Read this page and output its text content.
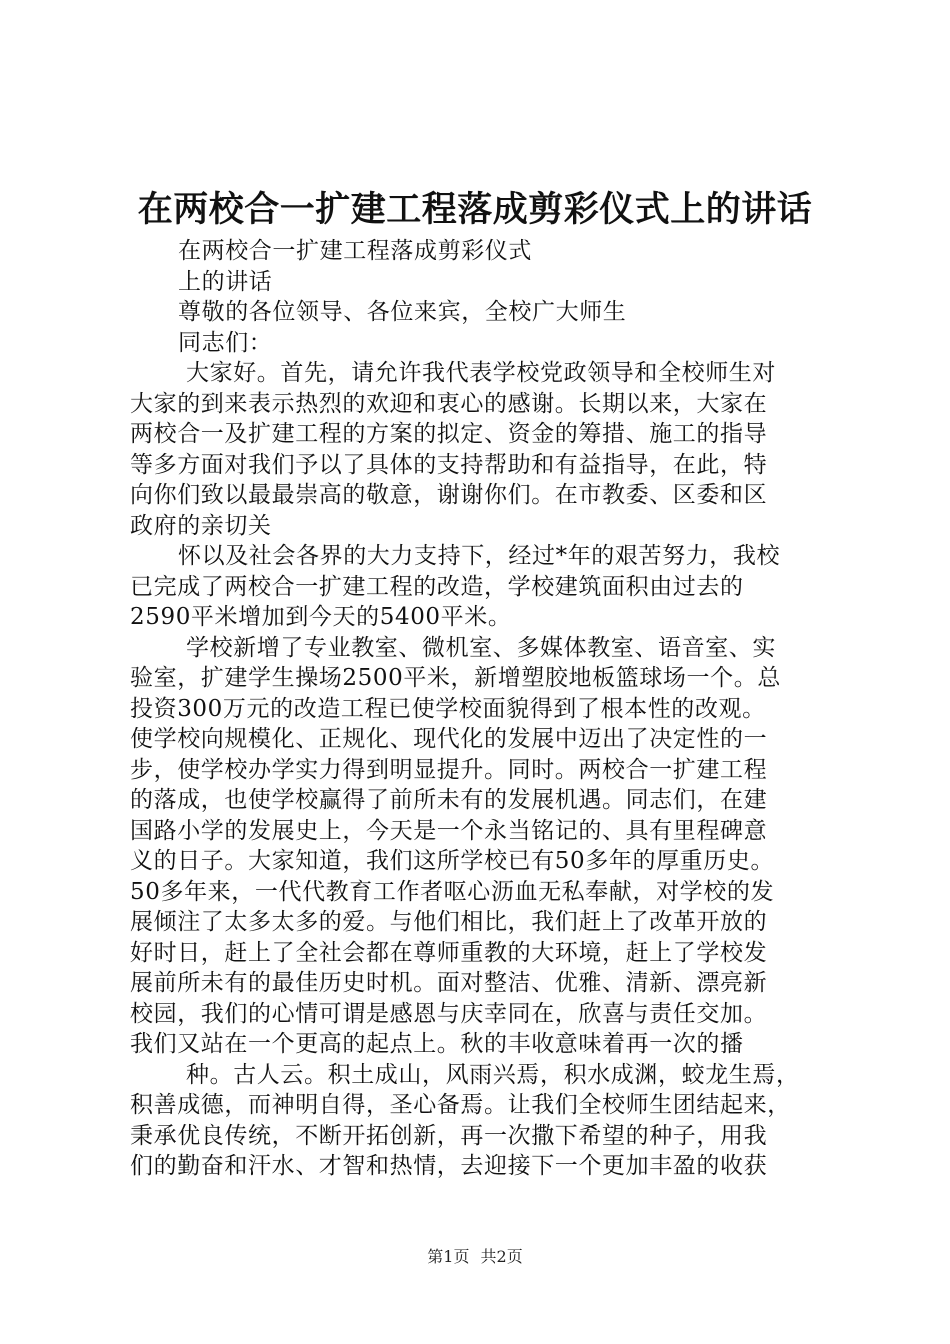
在两校合一扩建工程落成剪彩仪式上的讲话
在两校合一扩建工程落成剪彩仪式
上的讲话
尊敬的各位领导、各位来宾，全校广大师生
同志们：
大家好。首先，请允许我代表学校党政领导和全校师生对
大家的到来表示热烈的欢迎和衷心的感谢。长期以来，大家在
两校合一及扩建工程的方案的拟定、资金的筹措、施工的指导
等多方面对我们予以了具体的支持帮助和有益指导，在此，特
向你们致以最最崇高的敬意，谢谢你们。在市教委、区委和区
政府的亲切关
怀以及社会各界的大力支持下，经过*年的艰苦努力，我校
已完成了两校合一扩建工程的改造，学校建筑面积由过去的
2590平米增加到今天的5400平米。
学校新增了专业教室、微机室、多媒体教室、语音室、实
验室，扩建学生操场2500平米，新增塑胶地板篮球场一个。总
投资300万元的改造工程已使学校面貌得到了根本性的改观。
使学校向规模化、正规化、现代化的发展中迈出了决定性的一
步，使学校办学实力得到明显提升。同时。两校合一扩建工程
的落成，也使学校赢得了前所未有的发展机遇。同志们，在建
国路小学的发展史上，今天是一个永当铭记的、具有里程碑意
义的日子。大家知道，我们这所学校已有50多年的厚重历史。
50多年来，一代代教育工作者呕心沥血无私奉献，对学校的发
展倾注了太多太多的爱。与他们相比，我们赶上了改革开放的
好时日，赶上了全社会都在尊师重教的大环境，赶上了学校发
展前所未有的最佳历史时机。面对整洁、优雅、清新、漂亮新
校园，我们的心情可谓是感恩与庆幸同在，欣喜与责任交加。
我们又站在一个更高的起点上。秋的丰收意味着再一次的播
种。古人云。积土成山，风雨兴焉，积水成渊，蛟龙生焉，
积善成德，而神明自得，圣心备焉。让我们全校师生团结起来，
秉承优良传统，不断开拓创新，再一次撒下希望的种子，用我
们的勤奋和汗水、才智和热情，去迎接下一个更加丰盈的收获
第1页 共2页
